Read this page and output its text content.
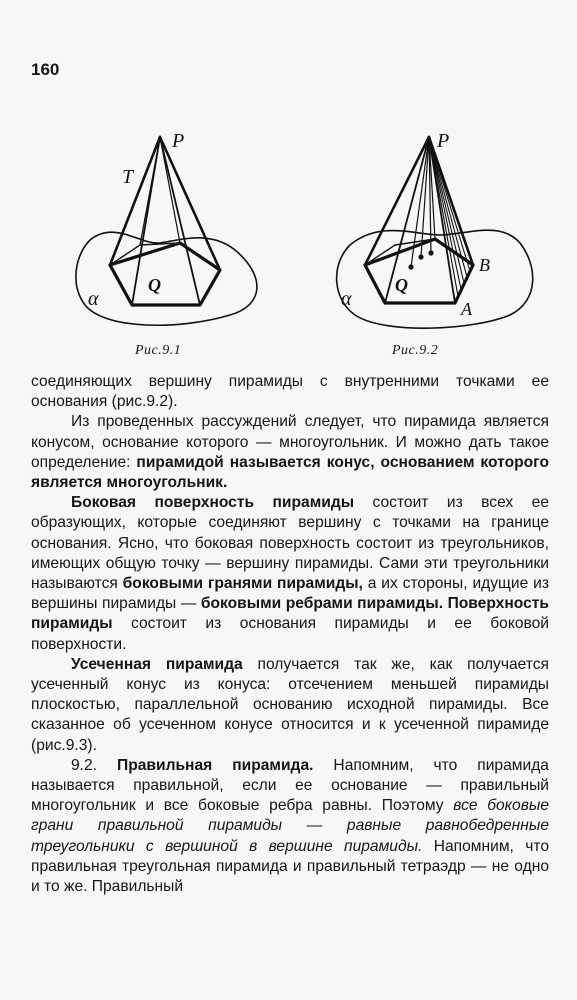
160
P
T
Q
α
P
B
A
Q
α
Рис.9.1	Рис.9.2

соединяющих вершину пирамиды с внутренними точками ее основания (рис.9.2).

Из проведенных рассуждений следует, что пирамида является конусом, основание которого — многоугольник. И можно дать такое определение: пирамидой называется конус, основанием которого является многоугольник.

Боковая поверхность пирамиды состоит из всех ее образующих, которые соединяют вершину с точками на границе основания. Ясно, что боковая поверхность состоит из треугольников, имеющих общую точку — вершину пирамиды. Сами эти треугольники называются боковыми гранями пирамиды, а их стороны, идущие из вершины пирамиды — боковыми ребрами пирамиды. Поверхность пирамиды состоит из основания пирамиды и ее боковой поверхности.

Усеченная пирамида получается так же, как получается усеченный конус из конуса: отсечением меньшей пирамиды плоскостью, параллельной основанию исходной пирамиды. Все сказанное об усеченном конусе относится и к усеченной пирамиде (рис.9.3).

9.2. Правильная пирамида. Напомним, что пирамида называется правильной, если ее основание — правильный многоугольник и все боковые ребра равны. Поэтому все боковые грани правильной пирамиды — равные равнобедренные треугольники с вершиной в вершине пирамиды. Напомним, что правильная треугольная пирамида и правильный тетраэдр — не одно и то же. Правильный
